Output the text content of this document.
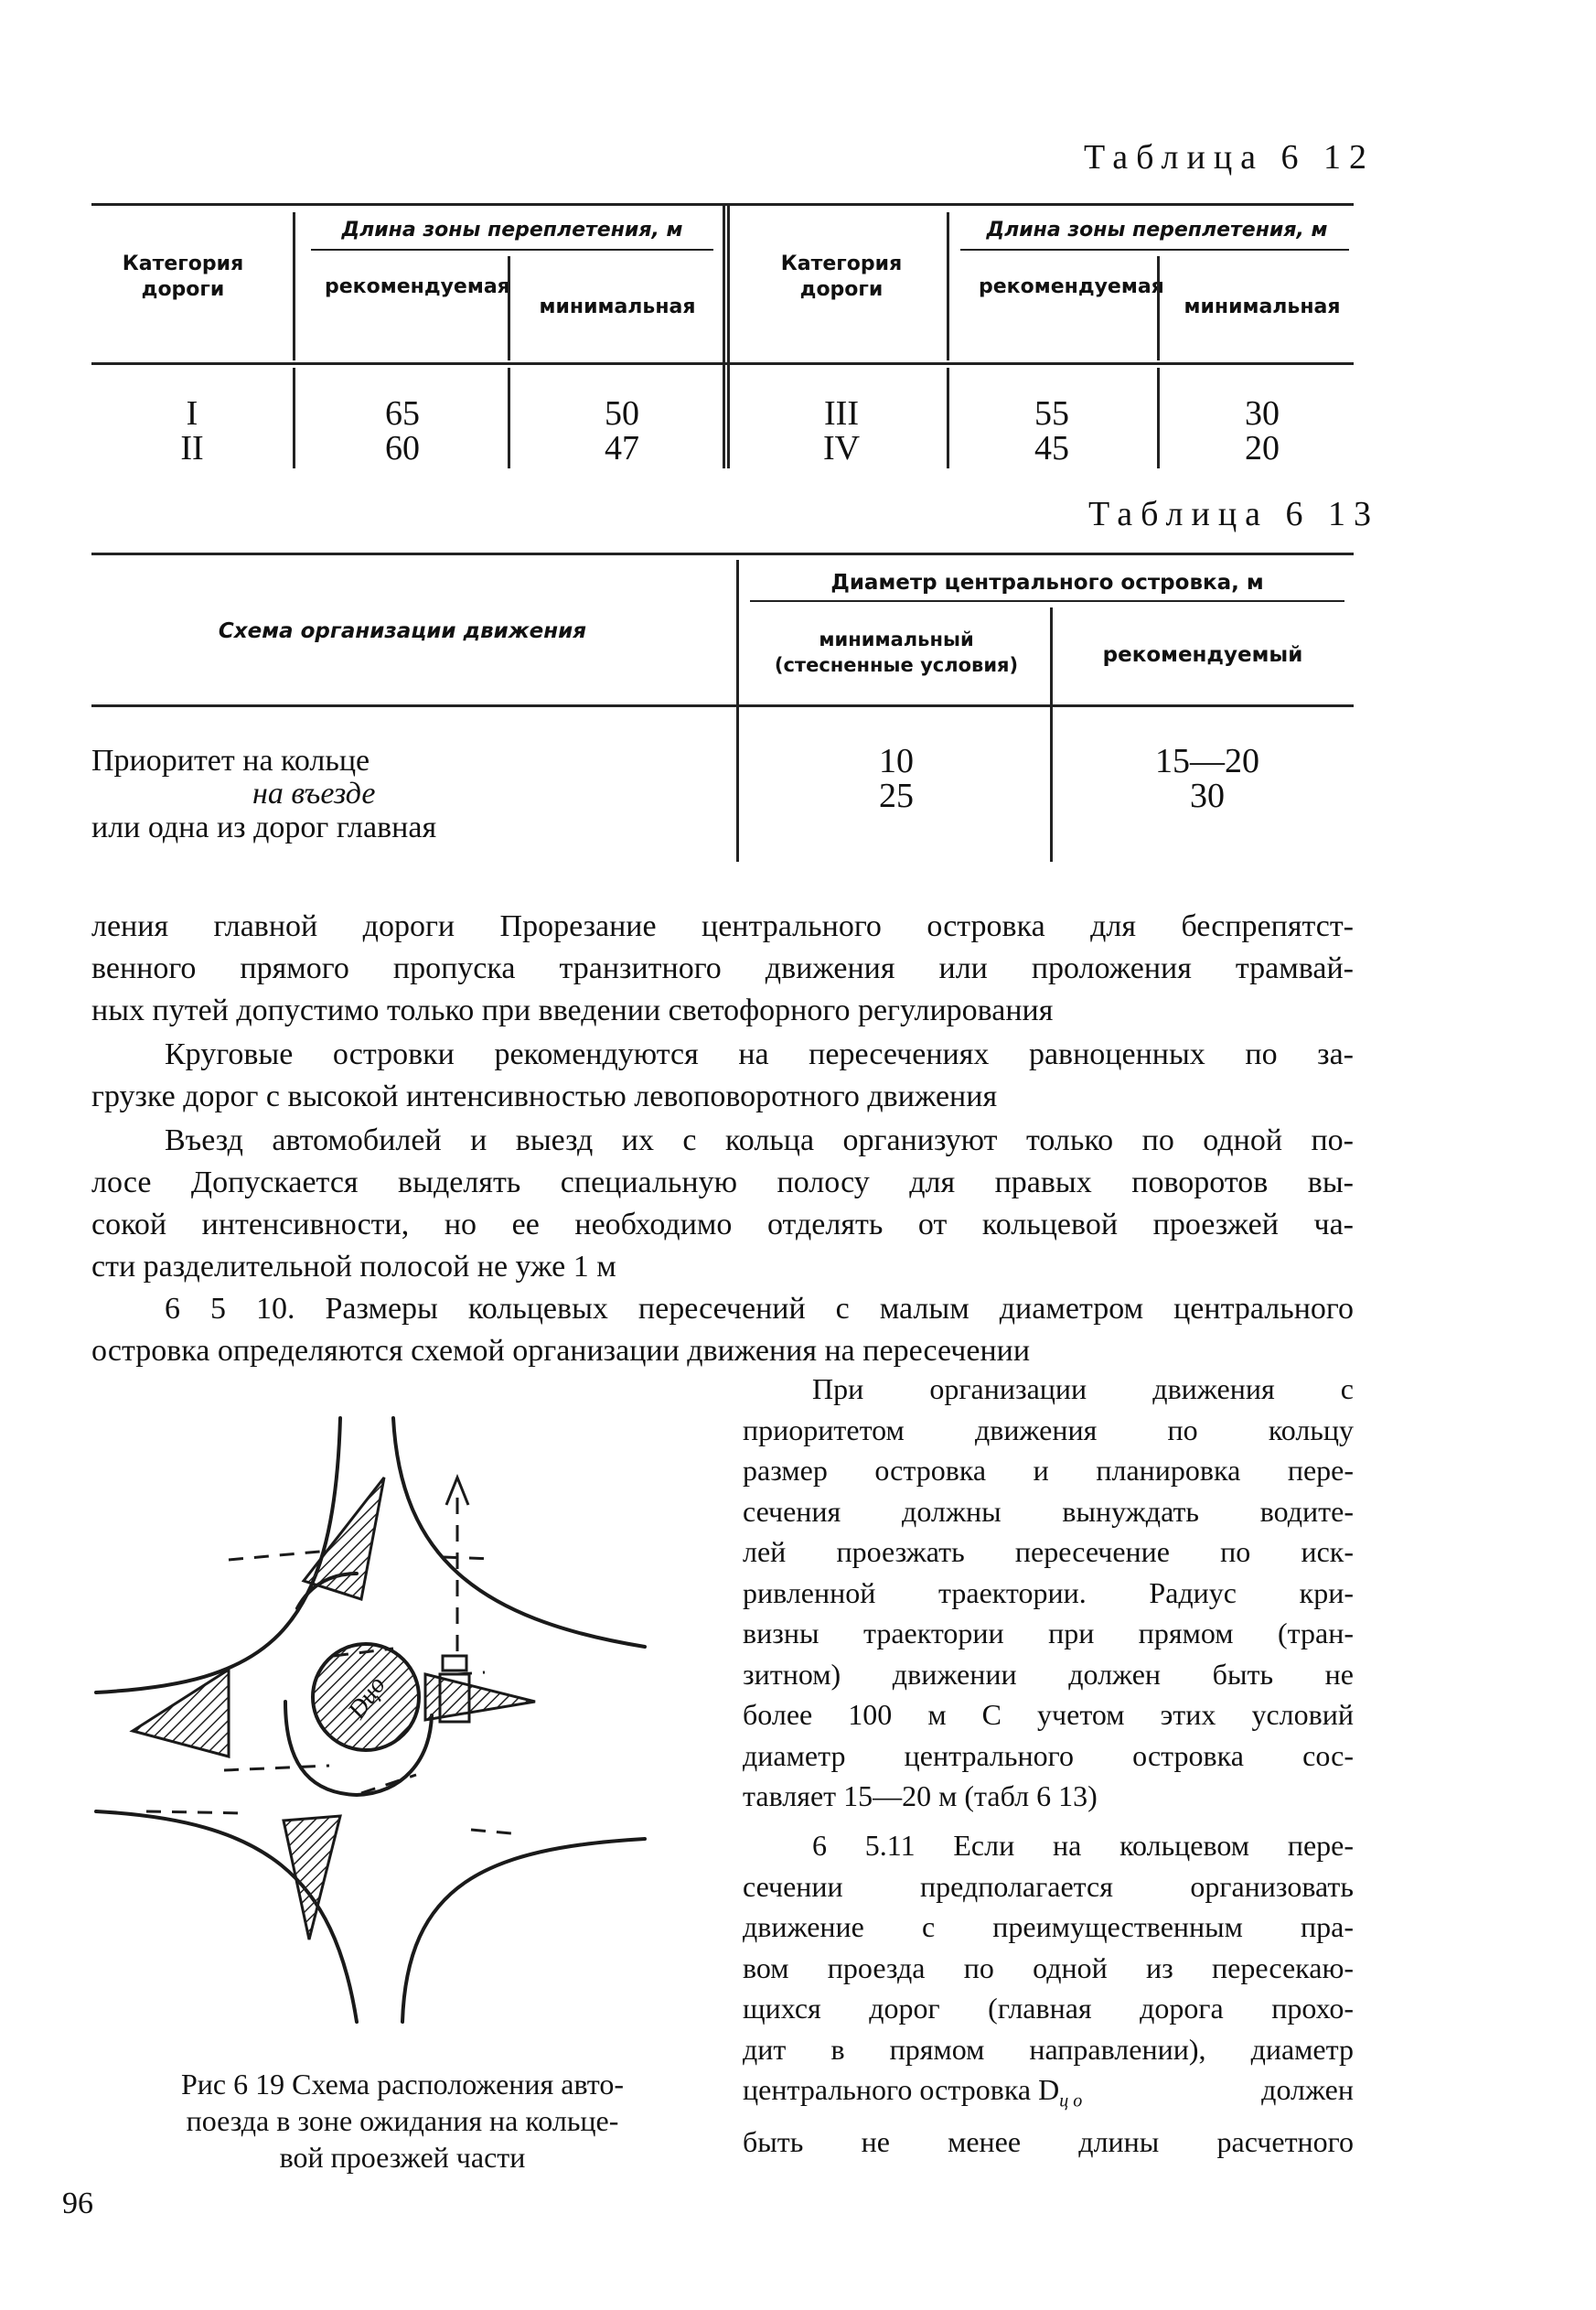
Таблица 6 12
Категория дороги
Длина зоны переплетения, м
рекомендуемая
минимальная
Категория дороги
Длина зоны переплетения, м
рекомендуемая
минимальная
I
II
65
60
50
47
III
IV
55
45
30
20
Таблица 6 13
Схема организации движения
Диаметр центрального островка, м
минимальный (стесненные условия)	рекомендуемый
Приоритет на кольце
на въезде
или одна из дорог главная
10
25
15—20
30
ления главной дороги Прорезание центрального островка для беспрепятст-
венного прямого пропуска транзитного движения или проложения трамвай-
ных путей допустимо только при введении светофорного регулирования
Круговые островки рекомендуются на пересечениях равноценных по за-
грузке дорог с высокой интенсивностью левоповоротного движения
Въезд автомобилей и выезд их с кольца организуют только по одной по-
лосе Допускается выделять специальную полосу для правых поворотов вы-
сокой интенсивности, но ее необходимо отделять от кольцевой проезжей ча-
сти разделительной полосой не уже 1 м
6 5 10. Размеры кольцевых пересечений с малым диаметром центрального
островка определяются схемой организации движения на пересечении
При организации движения с
приоритетом движения по кольцу
размер островка и планировка пере-
сечения должны вынуждать водите-
лей проезжать пересечение по иск-
ривленной траектории. Радиус кри-
визны траектории при прямом (тран-
зитном) движении должен быть не
более 100 м С учетом этих условий
диаметр центрального островка сос-
тавляет 15—20 м (табл 6 13)
6 5.11 Если на кольцевом пере-
сечении предполагается организовать
движение с преимущественным пра-
вом проезда по одной из пересекаю-
щихся дорог (главная дорога прохо-
дит в прямом направлении), диаметр
центрального островка $D_{ц о}$	должен
быть не менее длины расчетного
Dцо
Рис 6 19 Схема расположения авто-
поезда в зоне ожидания на кольце-
вой проезжей части
96
